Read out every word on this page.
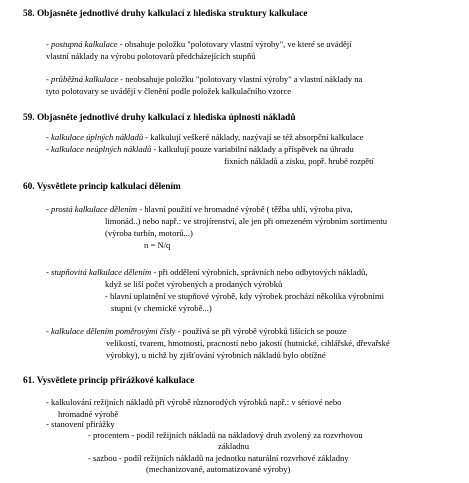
58. Objasněte jednotlivé druhy kalkulací z hlediska struktury kalkulace
- postupná kalkulace - obsahuje položku "polotovary vlastní výroby", ve které se uvádějí
vlastní náklady na výrobu polotovarů předcházejících stupňů
- průběžná kalkulace - neobsahuje položku "polotovary vlastní výroby" a vlastní náklady na
tyto polotovary se uvádějí v členění podle položek kalkulačního vzorce
59. Objasněte jednotlivé druhy kalkulací z hlediska úplnosti nákladů
- kalkulace úplných nákladů - kalkulují veškeré náklady, nazývají se též absorpční kalkulace
- kalkulace neúplných nákladů - kalkulují pouze variabilní náklady a příspěvek na úhradu
fixních nákladů a zisku, popř. hrubé rozpětí
60. Vysvětlete princip kalkulací dělením
- prostá kalkulace dělením - hlavní použití ve hromadné výrobě ( těžba uhlí, výroba piva,
limonád..) nebo např.: ve strojírenství, ale jen při omezeném výrobním sortimentu
(výroba turbín, motorů...)
n = N/q
- stupňovitá kalkulace dělením - při oddělení výrobních, správních nebo odbytových nákladů,
když se liší počet výrobených a prodaných výrobků
- hlavní uplatnění ve stupňové výrobě, kdy výrobek prochází několika výrobními
stupni (v chemické výrobě...)
- kalkulace dělením poměrovými čísly - používá se při výrobě výrobků lišících se pouze
velikostí, tvarem, hmotností, pracností nebo jakostí (hutnické, cihlářské, dřevařské
výrobky), u nichž by zjišťování výrobních nákladů bylo obtížné
61. Vysvětlete princip přirážkové kalkulace
- kalkulování režijních nákladů při výrobě různorodých výrobků např.: v sériové nebo
hromadné výrobě
- stanovení přirážky
- procentem - podíl režijních nákladů na nákladový druh zvolený za rozvrhovou
základnu
- sazbou - podíl režijních nákladů na jednotku naturální rozvrhové základny
(mechanizované, automatizované výroby)
